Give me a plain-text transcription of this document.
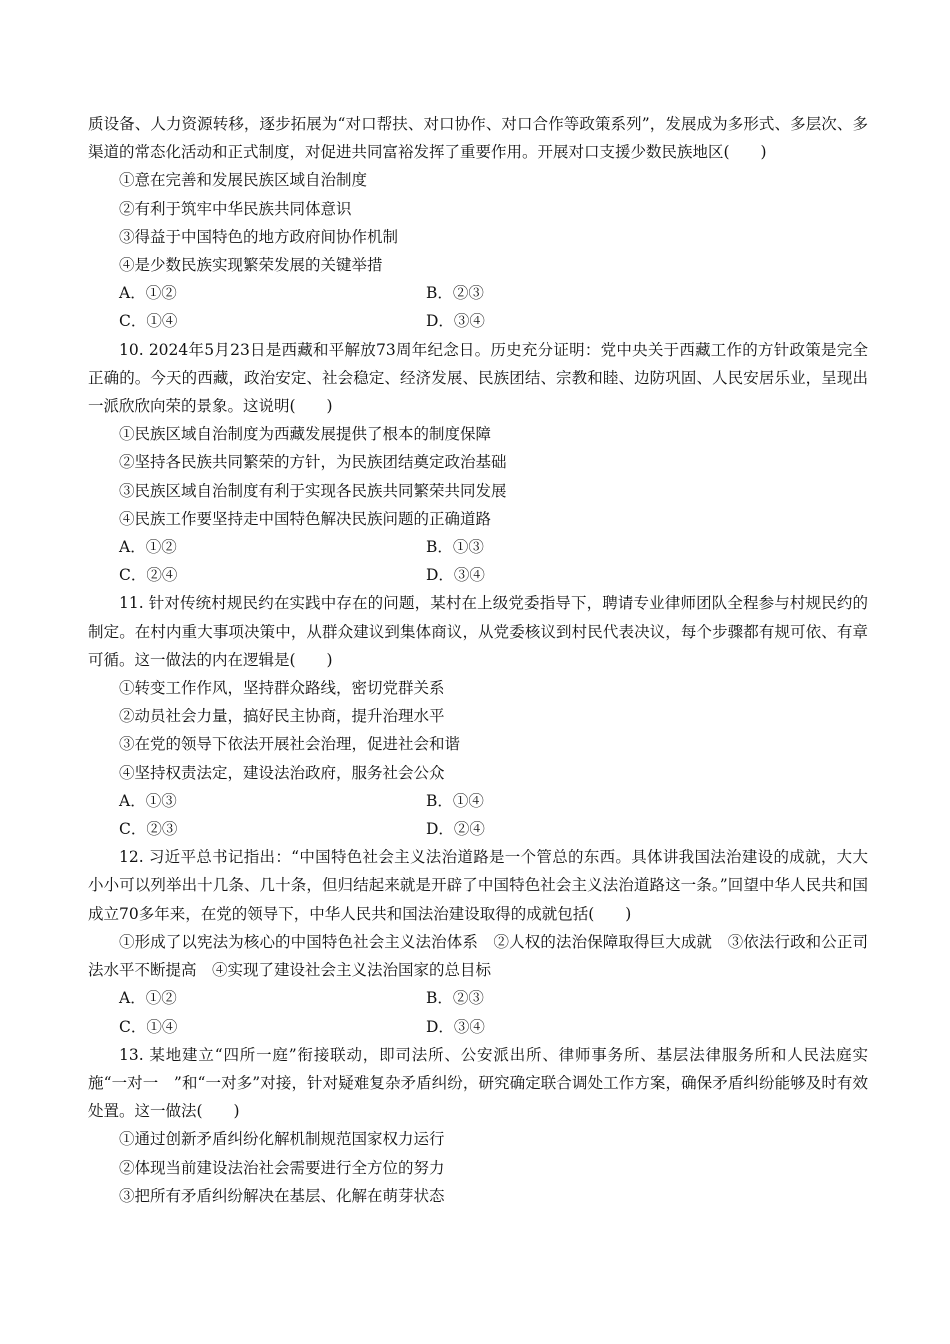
质设备、人力资源转移，逐步拓展为“对口帮扶、对口协作、对口合作等政策系列”，发展成为多形式、多层次、多渠道的常态化活动和正式制度，对促进共同富裕发挥了重要作用。开展对口支援少数民族地区(　　)

①意在完善和发展民族区域自治制度

②有利于筑牢中华民族共同体意识

③得益于中国特色的地方政府间协作机制

④是少数民族实现繁荣发展的关键举措

A．①②	B．②③
C．①④	D．③④

10. 2024年5月23日是西藏和平解放73周年纪念日。历史充分证明：党中央关于西藏工作的方针政策是完全正确的。今天的西藏，政治安定、社会稳定、经济发展、民族团结、宗教和睦、边防巩固、人民安居乐业，呈现出一派欣欣向荣的景象。这说明(　　)

①民族区域自治制度为西藏发展提供了根本的制度保障

②坚持各民族共同繁荣的方针，为民族团结奠定政治基础

③民族区域自治制度有利于实现各民族共同繁荣共同发展

④民族工作要坚持走中国特色解决民族问题的正确道路

A．①②	B．①③
C．②④	D．③④

11. 针对传统村规民约在实践中存在的问题，某村在上级党委指导下，聘请专业律师团队全程参与村规民约的制定。在村内重大事项决策中，从群众建议到集体商议，从党委核议到村民代表决议，每个步骤都有规可依、有章可循。这一做法的内在逻辑是(　　)

①转变工作作风，坚持群众路线，密切党群关系

②动员社会力量，搞好民主协商，提升治理水平

③在党的领导下依法开展社会治理，促进社会和谐

④坚持权责法定，建设法治政府，服务社会公众

A．①③	B．①④
C．②③	D．②④

12. 习近平总书记指出：“中国特色社会主义法治道路是一个管总的东西。具体讲我国法治建设的成就，大大小小可以列举出十几条、几十条，但归结起来就是开辟了中国特色社会主义法治道路这一条。”回望中华人民共和国成立70多年来，在党的领导下，中华人民共和国法治建设取得的成就包括(　　)

①形成了以宪法为核心的中国特色社会主义法治体系　②人权的法治保障取得巨大成就　③依法行政和公正司法水平不断提高　④实现了建设社会主义法治国家的总目标

A．①②	B．②③
C．①④	D．③④

13. 某地建立“四所一庭”衔接联动，即司法所、公安派出所、律师事务所、基层法律服务所和人民法庭实施“一对一　”和“一对多”对接，针对疑难复杂矛盾纠纷，研究确定联合调处工作方案，确保矛盾纠纷能够及时有效处置。这一做法(　　)

①通过创新矛盾纠纷化解机制规范国家权力运行

②体现当前建设法治社会需要进行全方位的努力

③把所有矛盾纠纷解决在基层、化解在萌芽状态
